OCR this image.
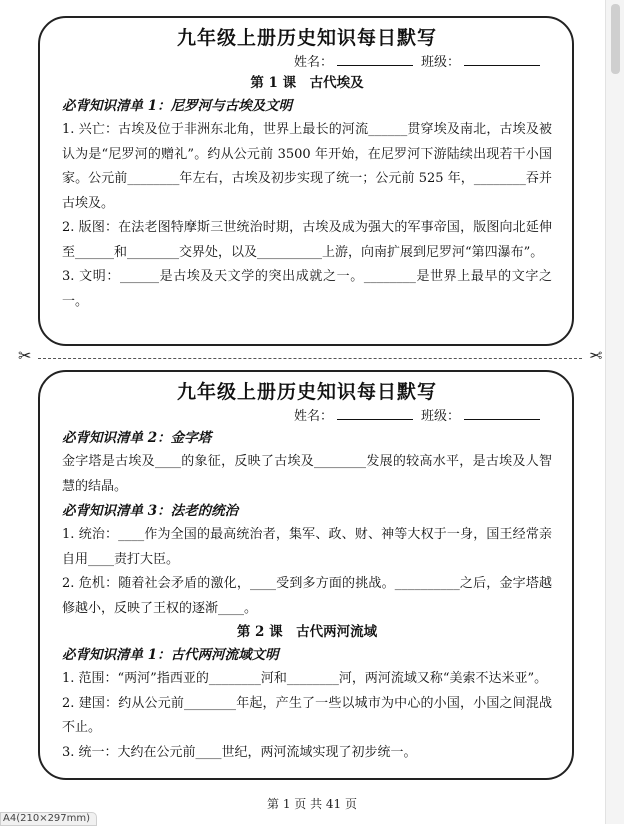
九年级上册历史知识每日默写
姓名：	班级：
第 1 课　古代埃及
必背知识清单 1：尼罗河与古埃及文明
1. 兴亡：古埃及位于非洲东北角，世界上最长的河流______贯穿埃及南北，古埃及被认为是“尼罗河的赠礼”。约从公元前 3500 年开始，在尼罗河下游陆续出现若干小国家。公元前________年左右，古埃及初步实现了统一；公元前 525 年，________吞并古埃及。
2. 版图：在法老图特摩斯三世统治时期，古埃及成为强大的军事帝国，版图向北延伸至______和________交界处，以及__________上游，向南扩展到尼罗河“第四瀑布”。
3. 文明：______是古埃及天文学的突出成就之一。________是世界上最早的文字之一。
✂	✂
九年级上册历史知识每日默写
姓名：	班级：
必背知识清单 2：金字塔
金字塔是古埃及____的象征，反映了古埃及________发展的较高水平，是古埃及人智慧的结晶。
必背知识清单 3：法老的统治
1. 统治：____作为全国的最高统治者，集军、政、财、神等大权于一身，国王经常亲自用____责打大臣。
2. 危机：随着社会矛盾的激化，____受到多方面的挑战。__________之后，金字塔越修越小，反映了王权的逐渐____。
第 2 课　古代两河流域
必背知识清单 1：古代两河流域文明
1. 范围：“两河”指西亚的________河和________河，两河流域又称“美索不达米亚”。
2. 建国：约从公元前________年起，产生了一些以城市为中心的小国，小国之间混战不止。
3. 统一：大约在公元前____世纪，两河流域实现了初步统一。
第 1 页 共 41 页
A4(210×297mm)
